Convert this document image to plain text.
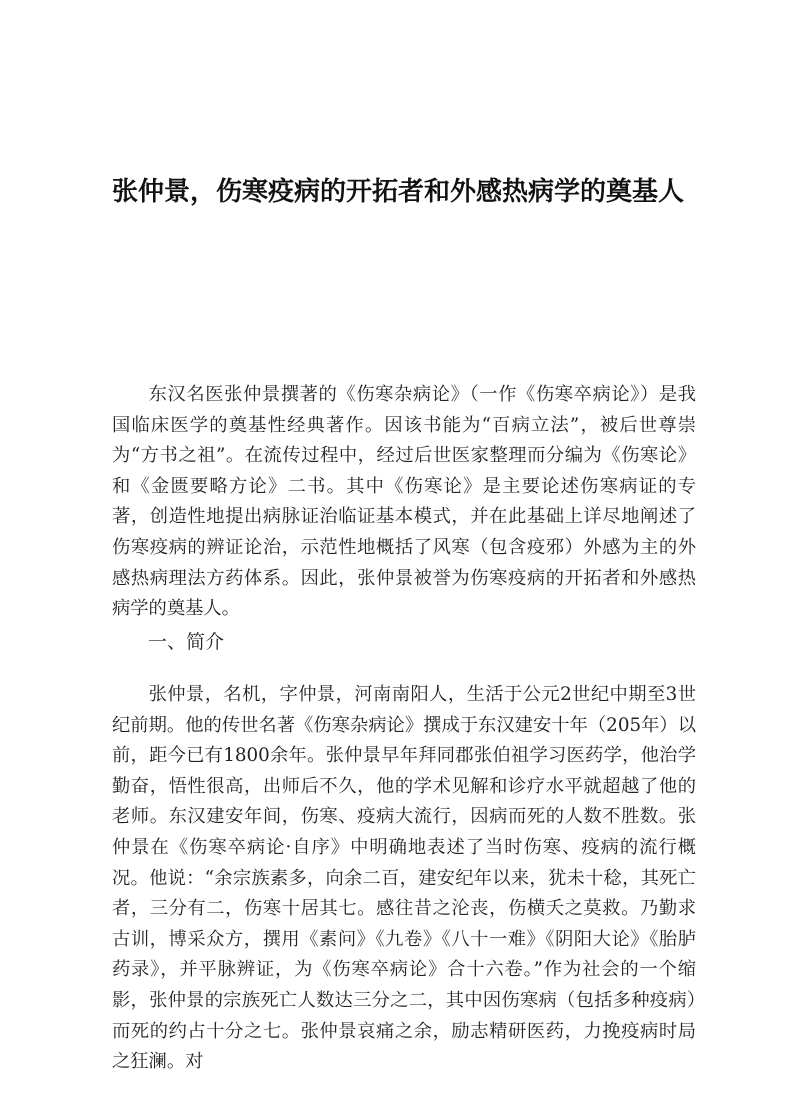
张仲景，伤寒疫病的开拓者和外感热病学的奠基人

东汉名医张仲景撰著的《伤寒杂病论》（一作《伤寒卒病论》）是我国临床医学的奠基性经典著作。因该书能为“百病立法”，被后世尊崇为“方书之祖”。在流传过程中，经过后世医家整理而分编为《伤寒论》和《金匮要略方论》二书。其中《伤寒论》是主要论述伤寒病证的专著，创造性地提出病脉证治临证基本模式，并在此基础上详尽地阐述了伤寒疫病的辨证论治，示范性地概括了风寒（包含疫邪）外感为主的外感热病理法方药体系。因此，张仲景被誉为伤寒疫病的开拓者和外感热病学的奠基人。

一、简介

张仲景，名机，字仲景，河南南阳人，生活于公元2世纪中期至3世纪前期。他的传世名著《伤寒杂病论》撰成于东汉建安十年（205年）以前，距今已有1800余年。张仲景早年拜同郡张伯祖学习医药学，他治学勤奋，悟性很高，出师后不久，他的学术见解和诊疗水平就超越了他的老师。东汉建安年间，伤寒、疫病大流行，因病而死的人数不胜数。张仲景在《伤寒卒病论·自序》中明确地表述了当时伤寒、疫病的流行概况。他说：“余宗族素多，向余二百，建安纪年以来，犹未十稔，其死亡者，三分有二，伤寒十居其七。感往昔之沦丧，伤横夭之莫救。乃勤求古训，博采众方，撰用《素问》《九卷》《八十一难》《阴阳大论》《胎胪药录》，并平脉辨证，为《伤寒卒病论》合十六卷。”作为社会的一个缩影，张仲景的宗族死亡人数达三分之二，其中因伤寒病（包括多种疫病）而死的约占十分之七。张仲景哀痛之余，励志精研医药，力挽疫病时局之狂澜。对
